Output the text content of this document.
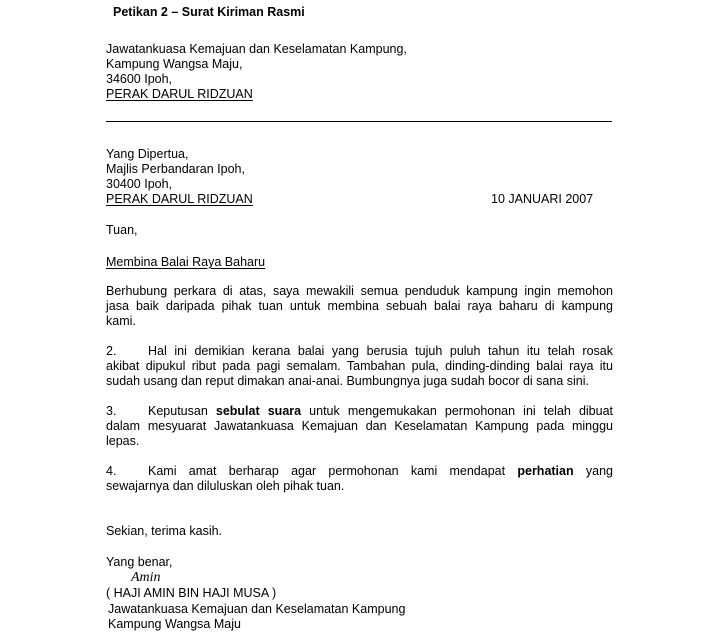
Petikan 2 – Surat Kiriman Rasmi
Jawatankuasa Kemajuan dan Keselamatan Kampung,
Kampung Wangsa Maju,
34600 Ipoh,
PERAK DARUL RIDZUAN
Yang Dipertua,
Majlis Perbandaran Ipoh,
30400 Ipoh,
PERAK DARUL RIDZUAN	10 JANUARI 2007
Tuan,
Membina Balai Raya Baharu
Berhubung perkara di atas, saya mewakili semua penduduk kampung ingin memohon
jasa baik daripada pihak tuan untuk membina sebuah balai raya baharu di kampung
kami.
2.	Hal ini demikian kerana balai yang berusia tujuh puluh tahun itu telah rosak
akibat dipukul ribut pada pagi semalam. Tambahan pula, dinding-dinding balai raya itu
sudah usang dan reput dimakan anai-anai. Bumbungnya juga sudah bocor di sana sini.
3.	Keputusan sebulat suara untuk mengemukakan permohonan ini telah dibuat
dalam mesyuarat Jawatankuasa Kemajuan dan Keselamatan Kampung pada minggu
lepas.
4.	Kami amat berharap agar permohonan kami mendapat perhatian yang
sewajarnya dan diluluskan oleh pihak tuan.
Sekian, terima kasih.
Yang benar,
Amin
( HAJI AMIN BIN HAJI MUSA )
Jawatankuasa Kemajuan dan Keselamatan Kampung
Kampung Wangsa Maju
